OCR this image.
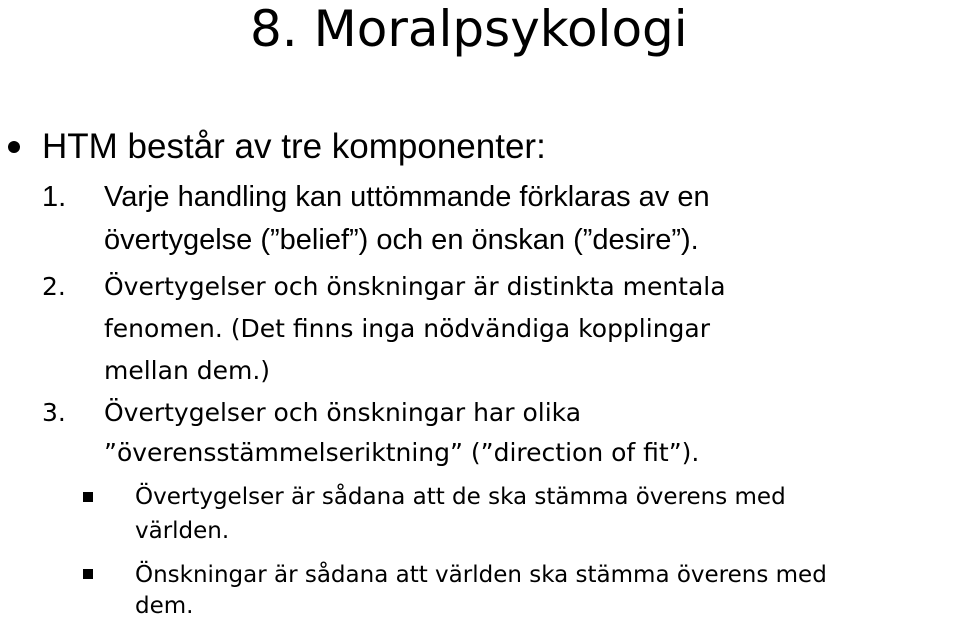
8. Moralpsykologi
HTM består av tre komponenter:
1. Varje handling kan uttömmande förklaras av en
övertygelse (”belief”) och en önskan (”desire”).
2. Övertygelser och önskningar är distinkta mentala
fenomen. (Det finns inga nödvändiga kopplingar
mellan dem.)
3. Övertygelser och önskningar har olika
”överensstämmelseriktning” (”direction of fit”).
Övertygelser är sådana att de ska stämma överens med
världen.
Önskningar är sådana att världen ska stämma överens med
dem.
